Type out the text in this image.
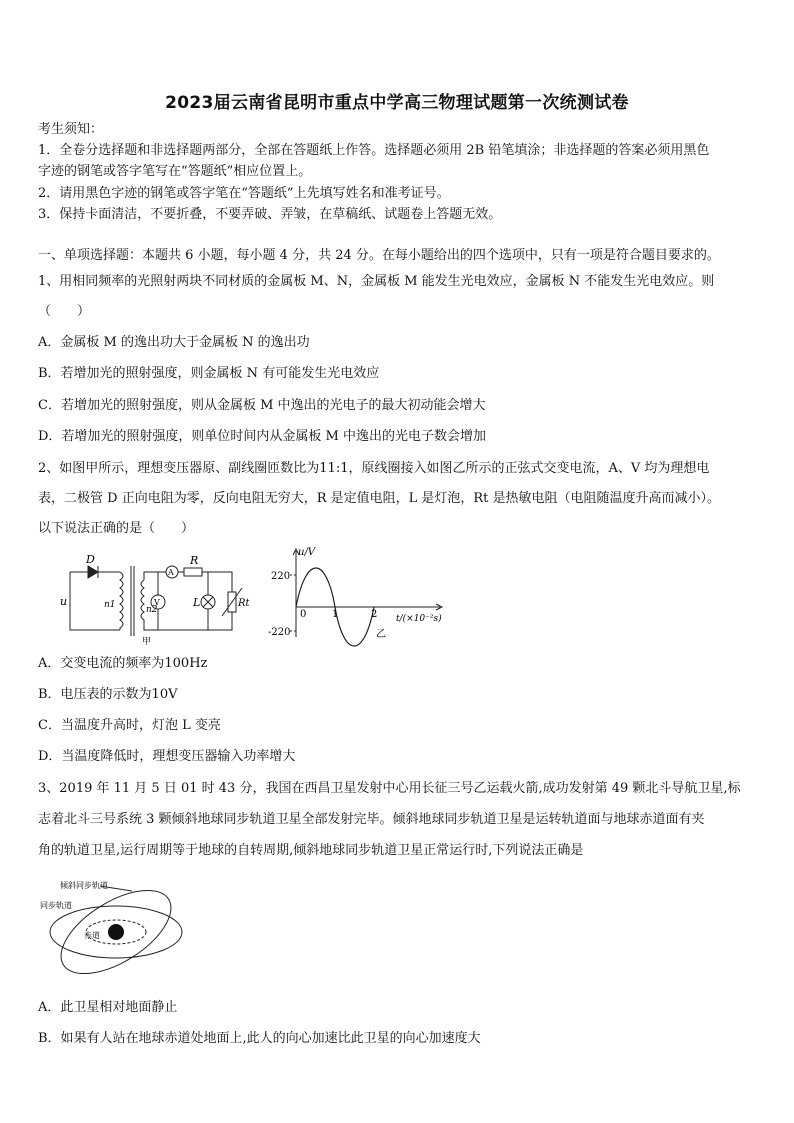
2023届云南省昆明市重点中学高三物理试题第一次统测试卷
考生须知：
1．全卷分选择题和非选择题两部分，全部在答题纸上作答。选择题必须用 2B 铅笔填涂；非选择题的答案必须用黑色
字迹的钢笔或答字笔写在“答题纸”相应位置上。
2．请用黑色字迹的钢笔或答字笔在“答题纸”上先填写姓名和准考证号。
3．保持卡面清洁，不要折叠，不要弄破、弄皱，在草稿纸、试题卷上答题无效。
一、单项选择题：本题共 6 小题，每小题 4 分，共 24 分。在每小题给出的四个选项中，只有一项是符合题目要求的。
1、用相同频率的光照射两块不同材质的金属板 M、N，金属板 M 能发生光电效应，金属板 N 不能发生光电效应。则
（　　）
A．金属板 M 的逸出功大于金属板 N 的逸出功
B．若增加光的照射强度，则金属板 N 有可能发生光电效应
C．若增加光的照射强度，则从金属板 M 中逸出的光电子的最大初动能会增大
D．若增加光的照射强度，则单位时间内从金属板 M 中逸出的光电子数会增加
2、如图甲所示，理想变压器原、副线圈匝数比为11:1，原线圈接入如图乙所示的正弦式交变电流，A、V 均为理想电
表，二极管 D 正向电阻为零，反向电阻无穷大，R 是定值电阻，L 是灯泡，Rt 是热敏电阻（电阻随温度升高而减小）。
以下说法正确的是（　　）
D
u	n1	n2
A
V
R
L	Rt
甲
u/V
220
-220
0	1	2 t/(×10⁻²s)
乙
A．交变电流的频率为100Hz
B．电压表的示数为10V
C．当温度升高时，灯泡 L 变亮
D．当温度降低时，理想变压器输入功率增大
3、2019 年 11 月 5 日 01 时 43 分，我国在西昌卫星发射中心用长征三号乙运载火箭,成功发射第 49 颗北斗导航卫星,标
志着北斗三号系统 3 颗倾斜地球同步轨道卫星全部发射完毕。倾斜地球同步轨道卫星是运转轨道面与地球赤道面有夹
角的轨道卫星,运行周期等于地球的自转周期,倾斜地球同步轨道卫星正常运行时,下列说法正确是
倾斜同步轨道
同步轨道
赤道
A．此卫星相对地面静止
B．如果有人站在地球赤道处地面上,此人的向心加速比此卫星的向心加速度大
